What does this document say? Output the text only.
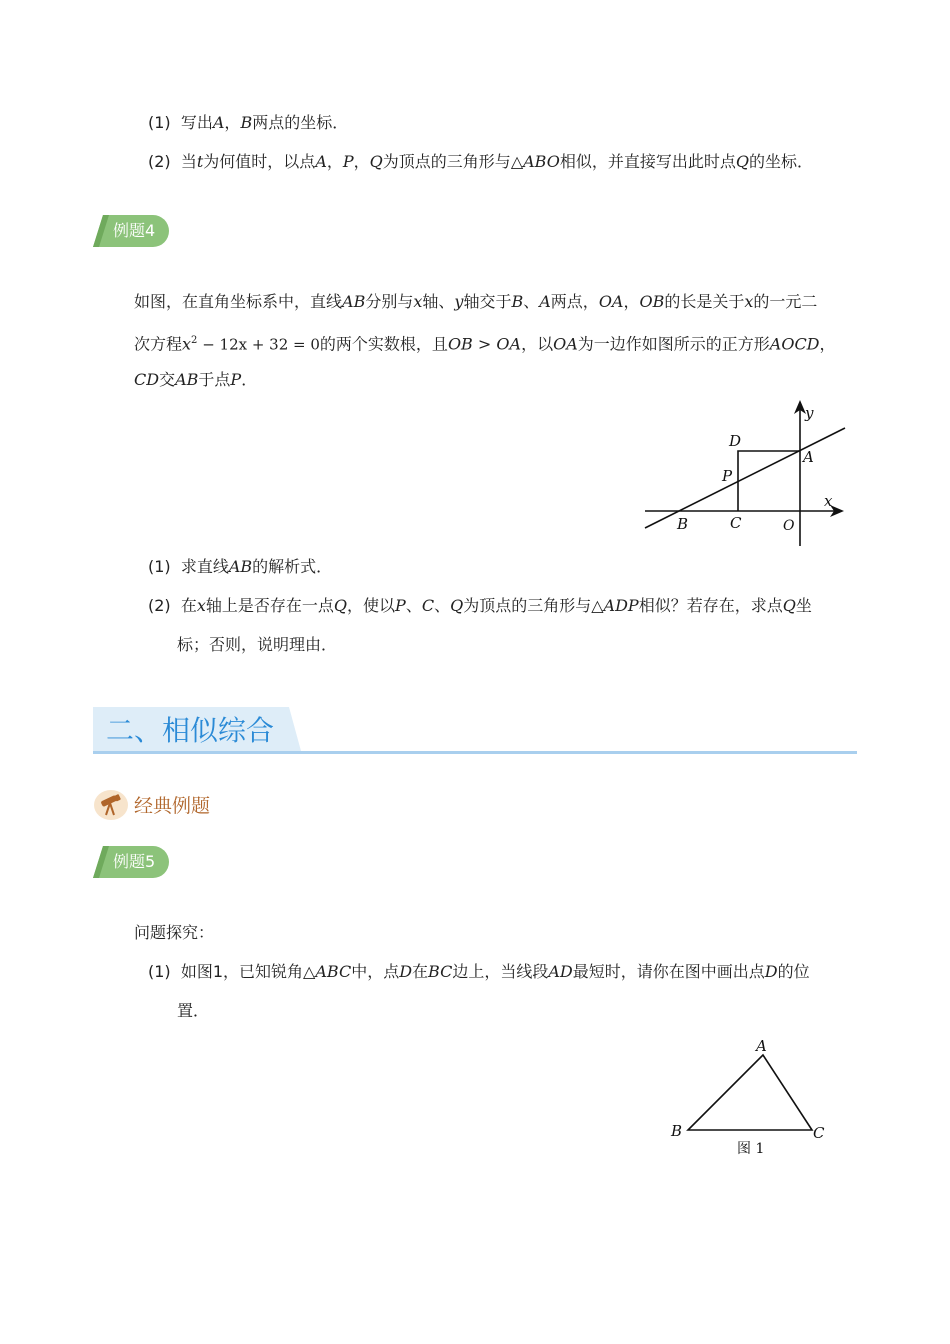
(1) 写出A，B两点的坐标．
(2) 当t为何值时，以点A，P，Q为顶点的三角形与△ABO相似，并直接写出此时点Q的坐标．
例题4
如图，在直角坐标系中，直线AB分别与x轴、y轴交于B、A两点，OA，OB的长是关于x的一元二
次方程$x^2 - 12x + 32 = 0$的两个实数根，且OB > OA，以OA为一边作如图所示的正方形AOCD，
CD交AB于点P．
y
x
D
A
P
B	C	O
(1) 求直线AB的解析式．
(2) 在x轴上是否存在一点Q，使以P、C、Q为顶点的三角形与△ADP相似？若存在，求点Q坐
标；否则，说明理由．
二、相似综合
经典例题
例题5
问题探究：
(1) 如图1，已知锐角△ABC中，点D在BC边上，当线段AD最短时，请你在图中画出点D的位
置．
A
B	C
图 1
